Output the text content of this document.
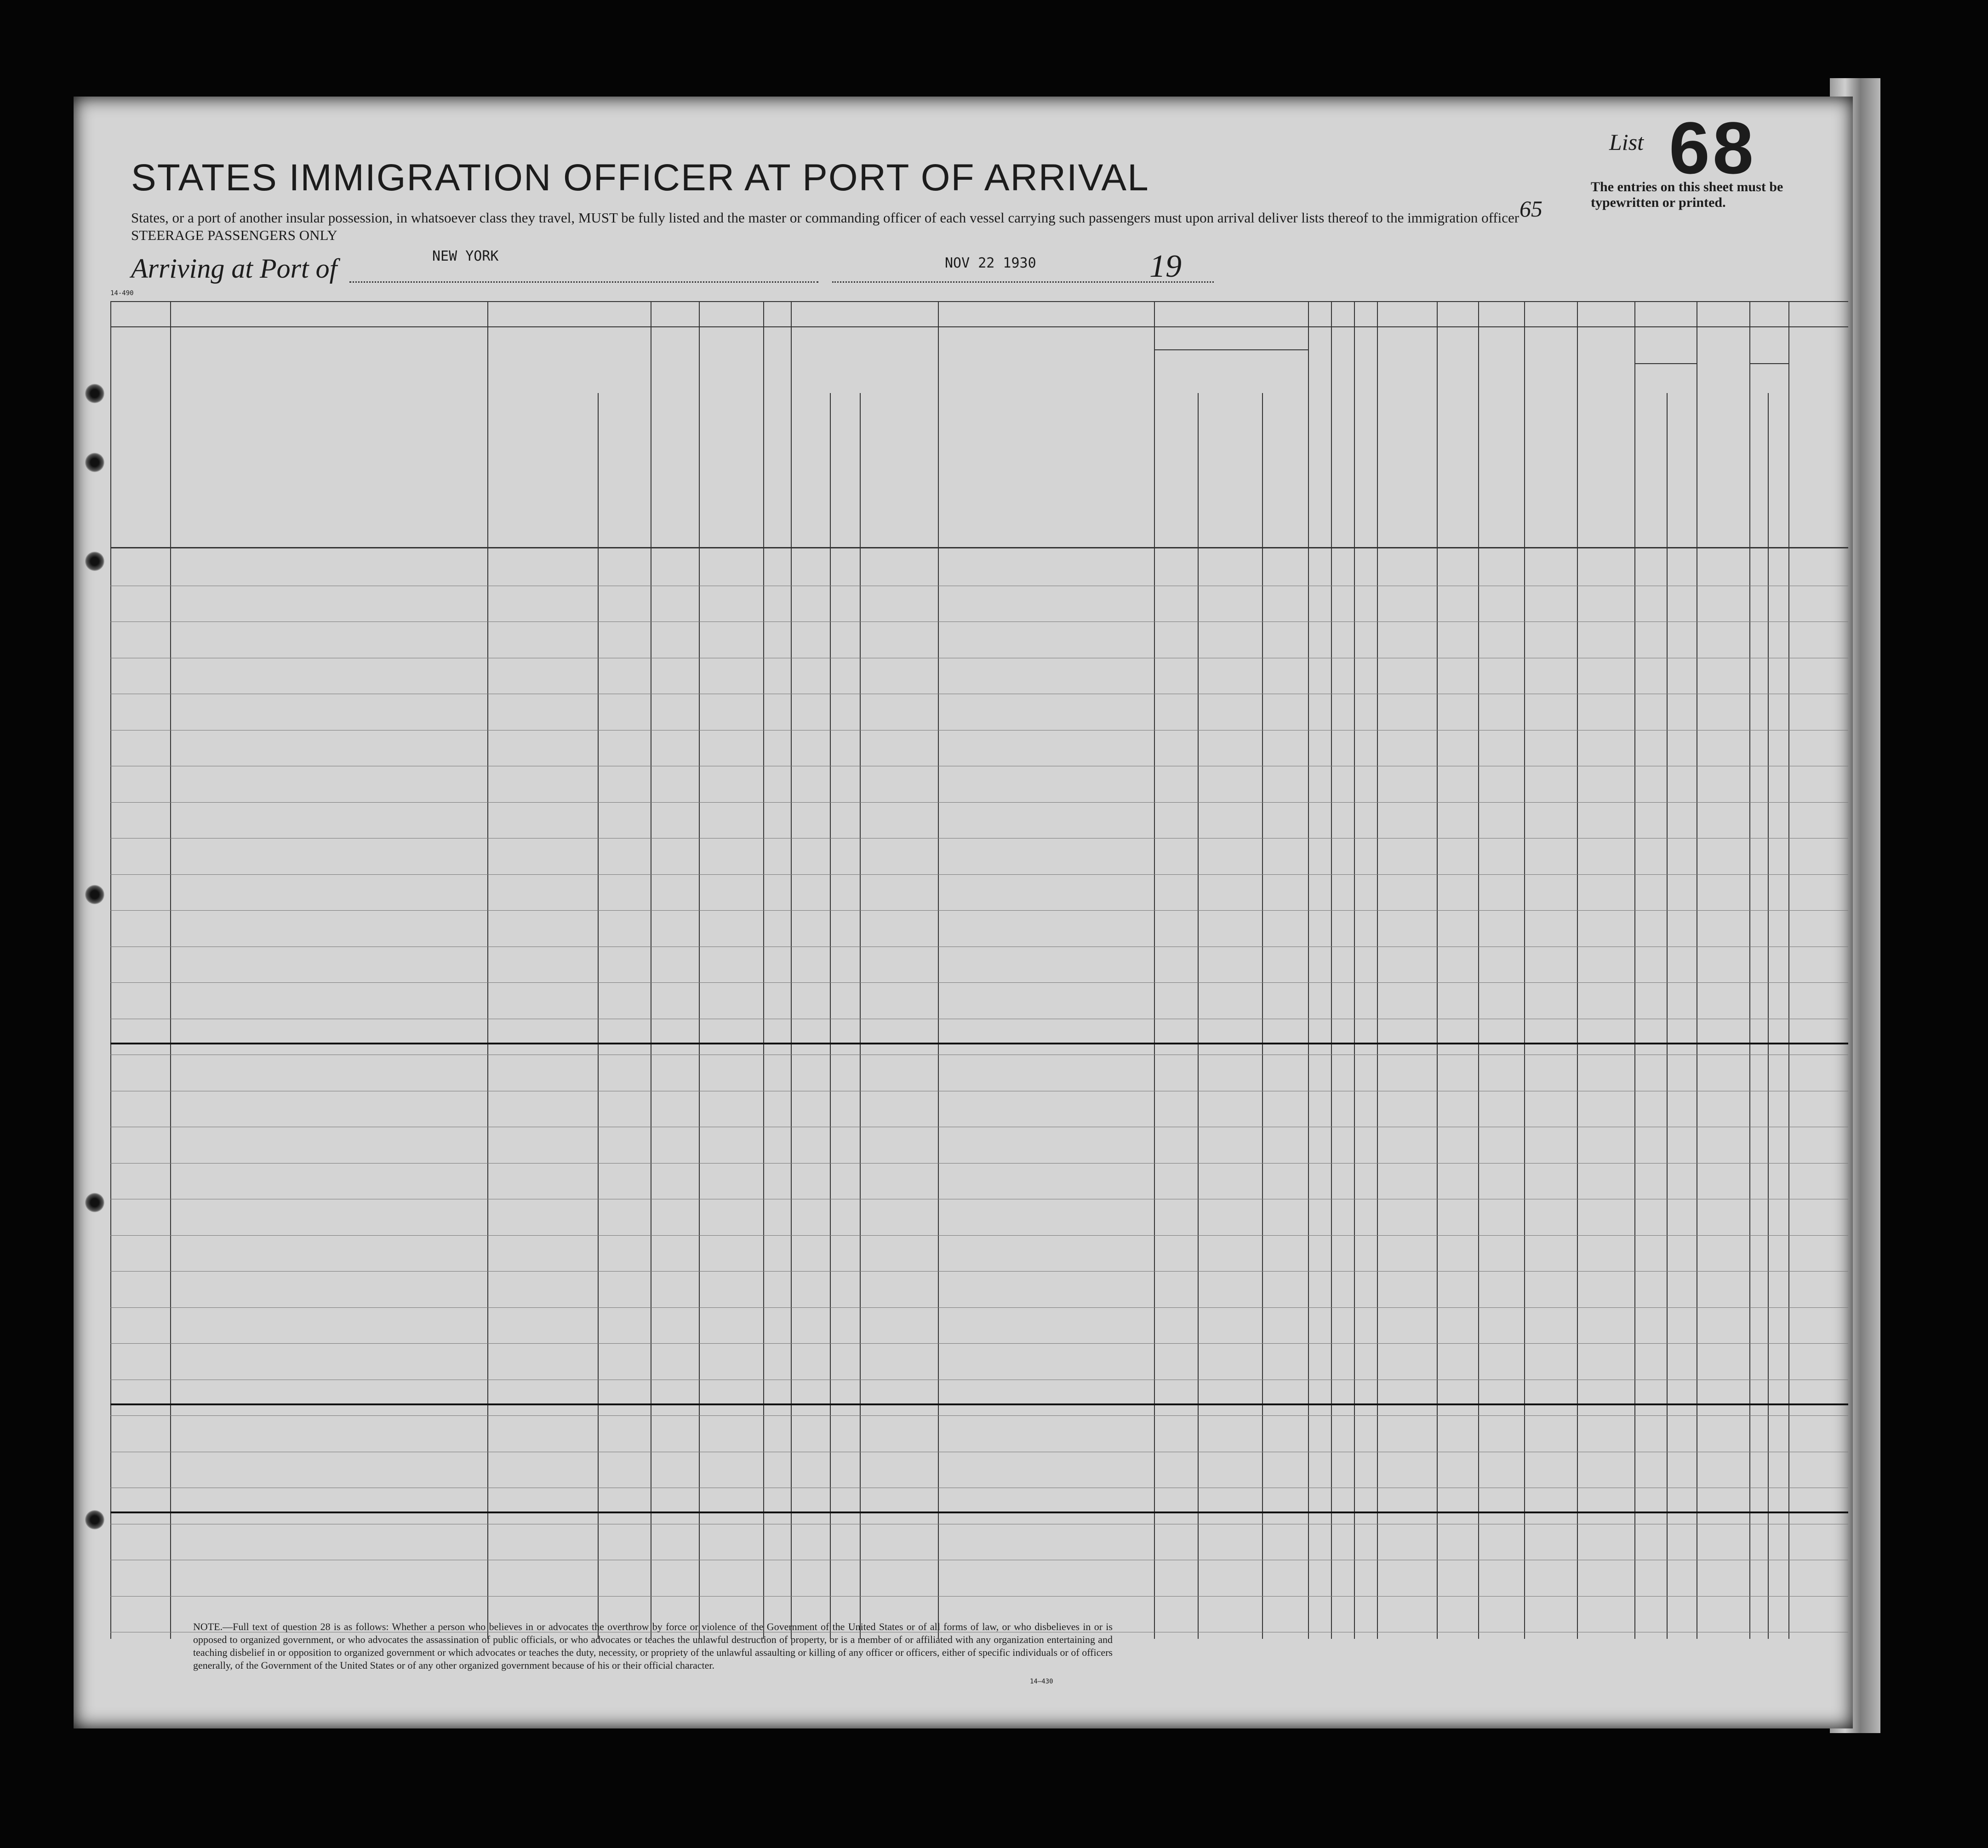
List 68
The entries on this sheet must be typewritten or printed.
STATES IMMIGRATION OFFICER AT PORT OF ARRIVAL
States, or a port of another insular possession, in whatsoever class they travel, MUST be fully listed and the master or commanding officer of each vessel carrying such passengers must upon arrival deliver lists thereof to the immigration officer
STEERAGE PASSENGERS ONLY
65
Arriving at Port of	NEW YORK	NOV 22 1930	19
14-490
NOTE.—Full text of question 28 is as follows: Whether a person who believes in or advocates the overthrow by force or violence of the Government of the United States or of all forms of law, or who disbelieves in or is opposed to organized government, or who advocates the assassination of public officials, or who advocates or teaches the unlawful destruction of property, or is a member of or affiliated with any organization entertaining and teaching disbelief in or opposition to organized government or which advocates or teaches the duty, necessity, or propriety of the unlawful assaulting or killing of any officer or officers, either of specific individuals or of officers generally, of the Government of the United States or of any other organized government because of his or their official character.
14—430
